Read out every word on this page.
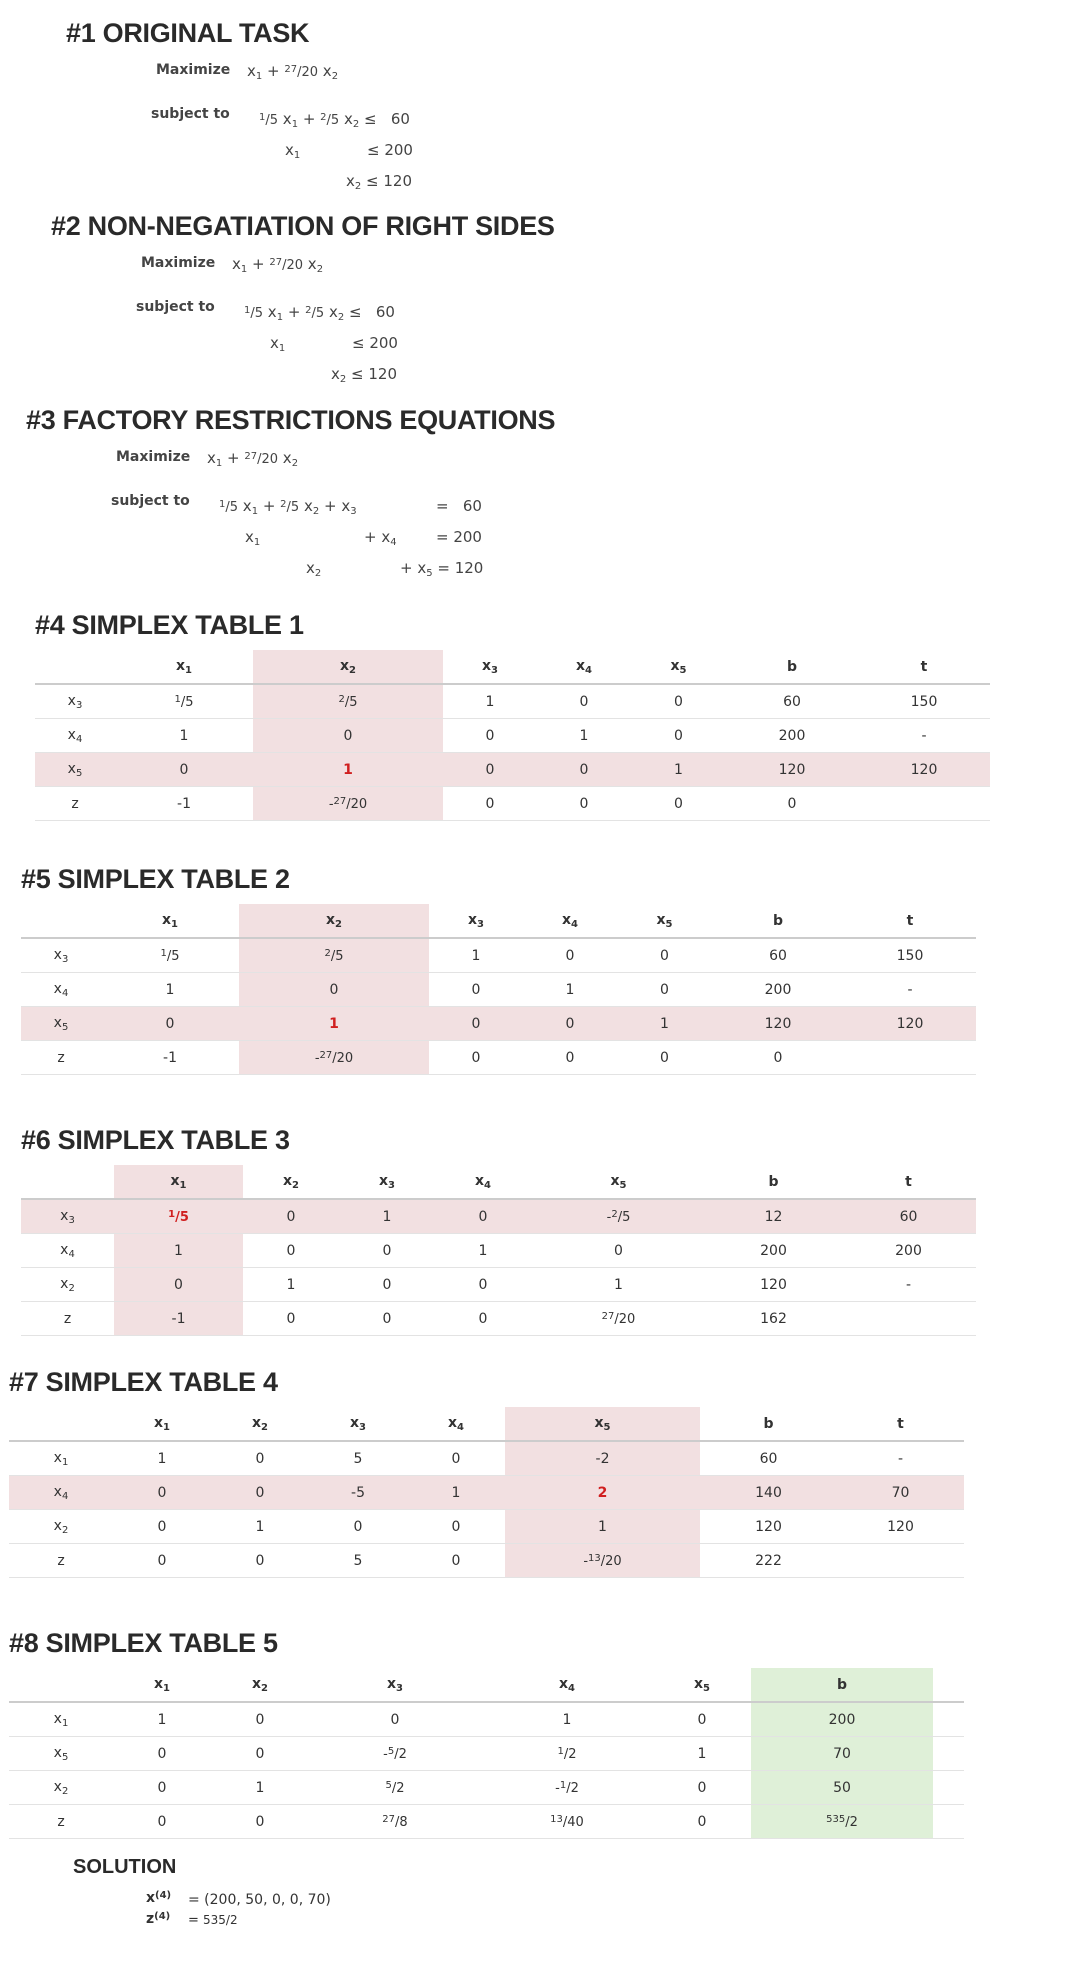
#1 ORIGINAL TASK
Maximize $x_1 + ^{27}/20$ $x_2$
subject to	$^1$/5 $x_1 + ^2/5$ $x_2 \le 60$
$x_1$	≤ 200
$x_2 \le 120$
#2 NON-NEGATIATION OF RIGHT SIDES
Maximize $x_1 + ^{27}/20$ $x_2$
subject to	$^1$/5 $x_1 + ^2/5$ $x_2 \le 60$
$x_1$	≤ 200
$x_2 \le 120$
#3 FACTORY RESTRICTIONS EQUATIONS
Maximize $x_1 + ^{27}/20$ $x_2$
subject to	$^1$/5 $x_1 + ^2/5$ $x_2 + x_3$	=   60
$x_1$	+ $x_4$	= 200
$x_2$	+ $x_5 = 120$
#4 SIMPLEX TABLE 1
	$x_1$	$x_2$	$x_3$	$x_4$	$x_5$	b	t
$x_3$	$^1$/5	$^2$/5	1	0	0	60	150
$x_4$	1	0	0	1	0	200	-
$x_5$	0	1	0	0	1	120	120
z	-1	-$^{27}$/20	0	0	0	0	
#5 SIMPLEX TABLE 2
	$x_1$	$x_2$	$x_3$	$x_4$	$x_5$	b	t
$x_3$	$^1$/5	$^2$/5	1	0	0	60	150
$x_4$	1	0	0	1	0	200	-
$x_5$	0	1	0	0	1	120	120
z	-1	-$^{27}$/20	0	0	0	0	
#6 SIMPLEX TABLE 3
	$x_1$	$x_2$	$x_3$	$x_4$	$x_5$	b	t
$x_3$	$^1$/5	0	1	0	-$^2$/5	12	60
$x_4$	1	0	0	1	0	200	200
$x_2$	0	1	0	0	1	120	-
z	-1	0	0	0	$^{27}$/20	162	
#7 SIMPLEX TABLE 4
	$x_1$	$x_2$	$x_3$	$x_4$	$x_5$	b	t
$x_1$	1	0	5	0	-2	60	-
$x_4$	0	0	-5	1	2	140	70
$x_2$	0	1	0	0	1	120	120
z	0	0	5	0	-$^{13}$/20	222	
#8 SIMPLEX TABLE 5
	$x_1$	$x_2$	$x_3$	$x_4$	$x_5$	b	
$x_1$	1	0	0	1	0	200	
$x_5$	0	0	-$^5$/2	$^1$/2	1	70	
$x_2$	0	1	$^5$/2	-$^1$/2	0	50	
z	0	0	$^{27}$/8	$^{13}$/40	0	$^{535}$/2	
SOLUTION
$x^{(4)} = (200$, 50, 0, 0, 70)
$z^{(4)} = 535/2$
